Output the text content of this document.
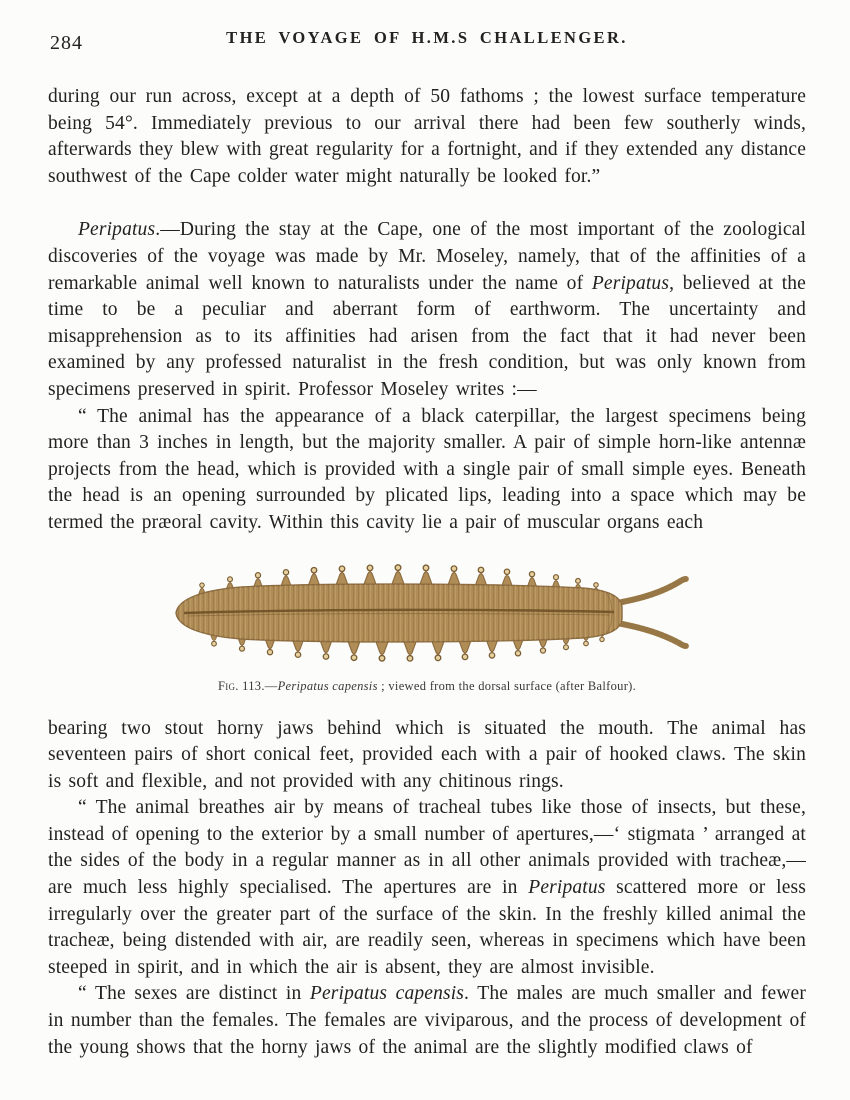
284	THE VOYAGE OF H.M.S CHALLENGER.

during our run across, except at a depth of 50 fathoms ; the lowest surface temperature being 54°. Immediately previous to our arrival there had been few southerly winds, afterwards they blew with great regularity for a fortnight, and if they extended any distance southwest of the Cape colder water might naturally be looked for.”

Peripatus.—During the stay at the Cape, one of the most important of the zoological discoveries of the voyage was made by Mr. Moseley, namely, that of the affinities of a remarkable animal well known to naturalists under the name of Peripatus, believed at the time to be a peculiar and aberrant form of earthworm. The uncertainty and misapprehension as to its affinities had arisen from the fact that it had never been examined by any professed naturalist in the fresh condition, but was only known from specimens preserved in spirit. Professor Moseley writes :—

“ The animal has the appearance of a black caterpillar, the largest specimens being more than 3 inches in length, but the majority smaller. A pair of simple horn-like antennæ projects from the head, which is provided with a single pair of small simple eyes. Beneath the head is an opening surrounded by plicated lips, leading into a space which may be termed the præoral cavity. Within this cavity lie a pair of muscular organs each

Fig. 113.—Peripatus capensis ; viewed from the dorsal surface (after Balfour).

bearing two stout horny jaws behind which is situated the mouth. The animal has seventeen pairs of short conical feet, provided each with a pair of hooked claws. The skin is soft and flexible, and not provided with any chitinous rings.

“ The animal breathes air by means of tracheal tubes like those of insects, but these, instead of opening to the exterior by a small number of apertures,—‘ stigmata ’ arranged at the sides of the body in a regular manner as in all other animals provided with tracheæ,— are much less highly specialised. The apertures are in Peripatus scattered more or less irregularly over the greater part of the surface of the skin. In the freshly killed animal the tracheæ, being distended with air, are readily seen, whereas in specimens which have been steeped in spirit, and in which the air is absent, they are almost invisible.

“ The sexes are distinct in Peripatus capensis. The males are much smaller and fewer in number than the females. The females are viviparous, and the process of development of the young shows that the horny jaws of the animal are the slightly modified claws of
